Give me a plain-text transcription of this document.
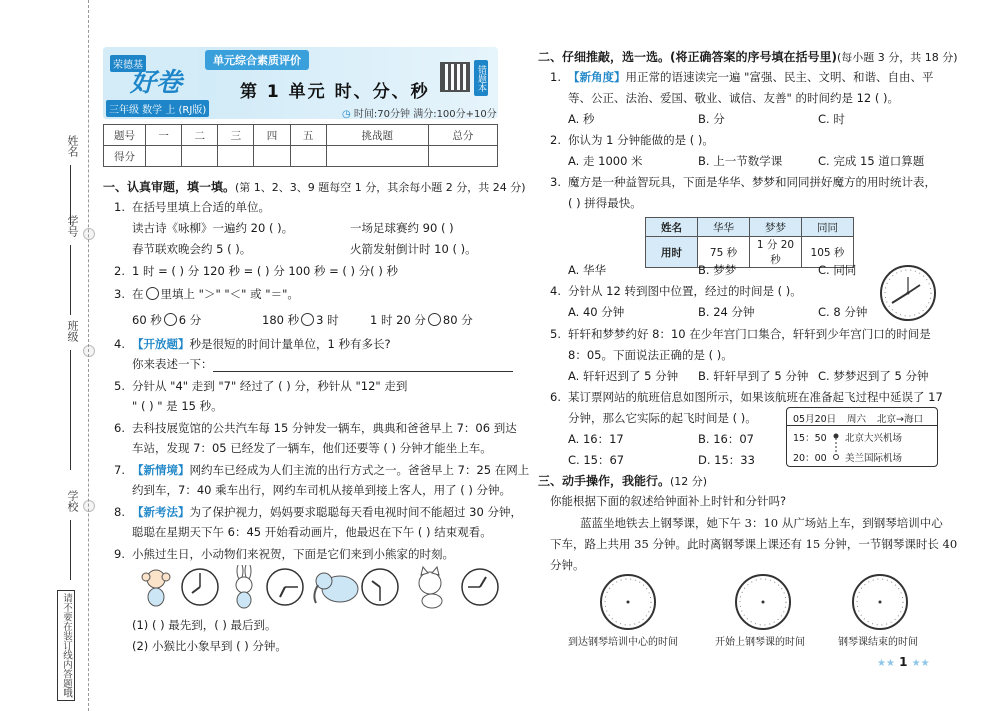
姓名
学号
班级
学校
请不要在装订线内答题哦
荣德基
好卷
三年级 数学 上 (RJ版)
单元综合素质评价
第 1 单元 时、分、秒
错题本
◷ 时间:70分钟 满分:100分+10分
题号	一	二	三	四	五	挑战题	总分
得分							
一、认真审题，填一填。(第 1、2、3、9 题每空 1 分，其余每小题 2 分，共 24 分)
1. 在括号里填上合适的单位。
读古诗《咏柳》一遍约 20 ( )。	一场足球赛约 90 ( )
春节联欢晚会约 5 ( )。	火箭发射倒计时 10 ( )。
2. 1 时 = ( ) 分 120 秒 = ( ) 分 100 秒 = ( ) 分( ) 秒
3. 在 里填上 "＞" "＜" 或 "＝"。
60 秒 6 分	180 秒 3 时	1 时 20 分 80 分
4. 【开放题】秒是很短的时间计量单位，1 秒有多长?
你来表述一下：
5. 分针从 "4" 走到 "7" 经过了 ( ) 分，秒针从 "12" 走到
" ( ) " 是 15 秒。
6. 去科技展览馆的公共汽车每 15 分钟发一辆车，典典和爸爸早上 7：06 到达
车站，发现 7：05 已经发了一辆车，他们还要等 ( ) 分钟才能坐上车。
7. 【新情境】网约车已经成为人们主流的出行方式之一。爸爸早上 7：25 在网上
约到车，7：40 乘车出行，网约车司机从接单到接上客人，用了 ( ) 分钟。
8. 【新考法】为了保护视力，妈妈要求聪聪每天看电视时间不能超过 30 分钟，
聪聪在星期天下午 6：45 开始看动画片，他最迟在下午 ( ) 结束观看。
9. 小熊过生日，小动物们来祝贺，下面是它们来到小熊家的时刻。
(1) ( ) 最先到，( ) 最后到。
(2) 小猴比小象早到 ( ) 分钟。
二、仔细推敲，选一选。(将正确答案的序号填在括号里)(每小题 3 分，共 18 分)
1. 【新角度】用正常的语速读完一遍 "富强、民主、文明、和谐、自由、平
等、公正、法治、爱国、敬业、诚信、友善" 的时间约是 12 ( )。
A. 秒	B. 分	C. 时
2. 你认为 1 分钟能做的是 ( )。
A. 走 1000 米	B. 上一节数学课	C. 完成 15 道口算题
3. 魔方是一种益智玩具，下面是华华、梦梦和同同拼好魔方的用时统计表，
( ) 拼得最快。
姓名	华华	梦梦	同同
用时	75 秒	1 分 20 秒	105 秒
A. 华华	B. 梦梦	C. 同同
4. 分针从 12 转到图中位置，经过的时间是 ( )。
A. 40 分钟	B. 24 分钟	C. 8 分钟
5. 轩轩和梦梦约好 8：10 在少年宫门口集合，轩轩到少年宫门口的时间是
8：05。下面说法正确的是 ( )。
A. 轩轩迟到了 5 分钟 B. 轩轩早到了 5 分钟 C. 梦梦迟到了 5 分钟
6. 某订票网站的航班信息如图所示，如果该航班在准备起飞过程中延误了 17
分钟，那么它实际的起飞时间是 ( )。
A. 16：17	B. 16：07
C. 15：67	D. 15：33
05月20日 周六 北京→海口
15：50 北京大兴机场
20：00 美兰国际机场
三、动手操作，我能行。(12 分)
你能根据下面的叙述给钟面补上时针和分针吗?
蓝蓝坐地铁去上钢琴课，她下午 3：10 从广场站上车，到钢琴培训中心
下车，路上共用 35 分钟。此时离钢琴课上课还有 15 分钟，一节钢琴课时长 40
分钟。
到达钢琴培训中心的时间	开始上钢琴课的时间	钢琴课结束的时间
★★ 1 ★★
